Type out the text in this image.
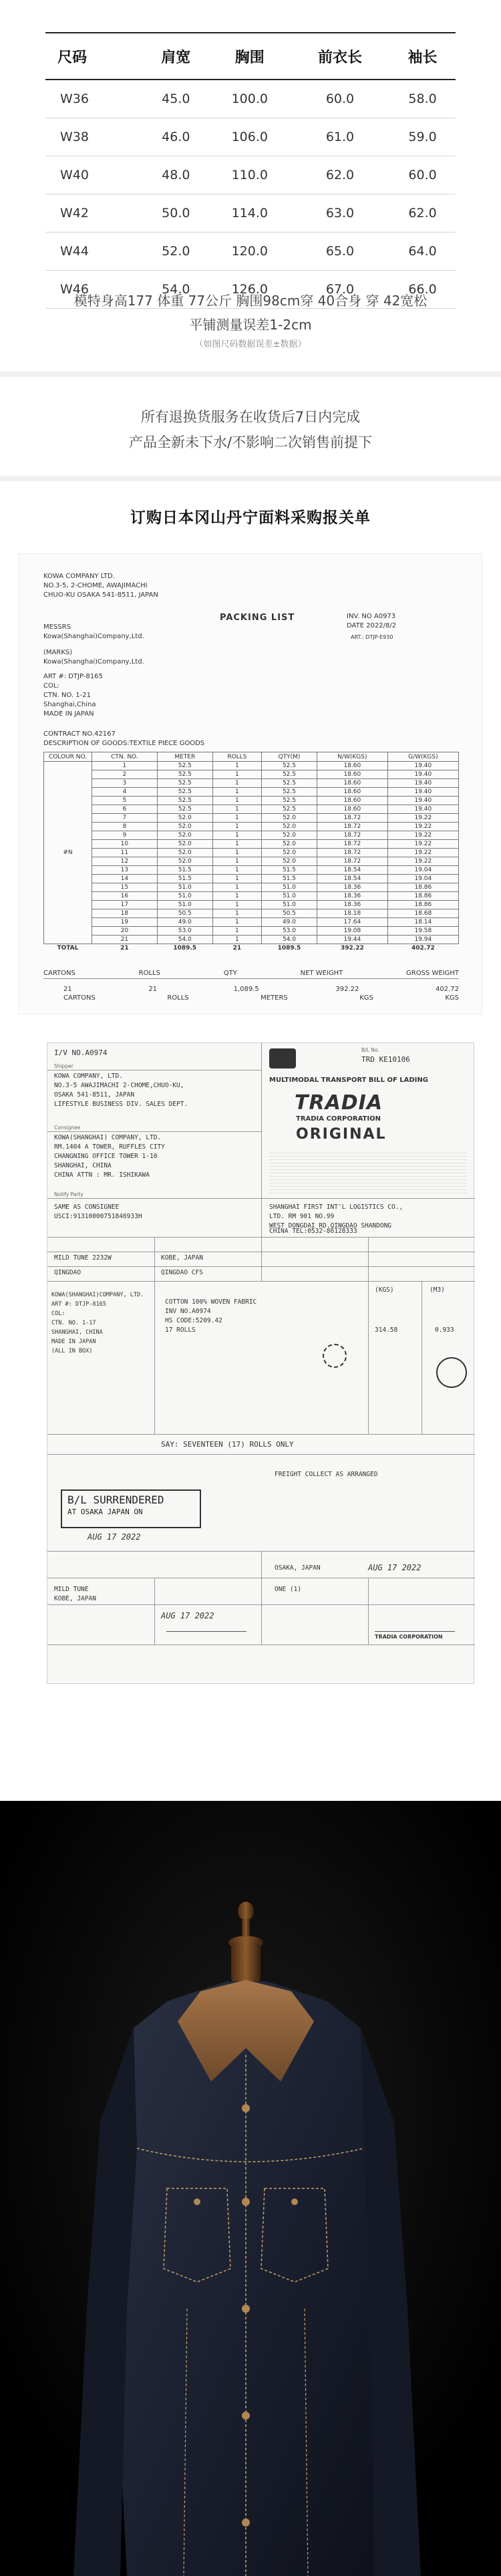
尺码	肩宽	胸围	前衣长	袖长
W36	45.0	100.0	60.0	58.0
W38	46.0	106.0	61.0	59.0
W40	48.0	110.0	62.0	60.0
W42	50.0	114.0	63.0	62.0
W44	52.0	120.0	65.0	64.0
W46	54.0	126.0	67.0	66.0

模特身高177 体重 77公斤 胸围98cm穿 40合身 穿 42宽松

平铺测量误差1-2cm

（如图尺码数据误差±数据）

所有退换货服务在收货后7日内完成

产品全新未下水/不影响二次销售前提下

订购日本冈山丹宁面料采购报关单
KOWA COMPANY LTD.
NO.3-5, 2-CHOME, AWAJIMACHI
CHUO-KU OSAKA 541-8511, JAPAN
PACKING LIST	INV. NO A0973
DATE 2022/8/2
ART.: DTJP-E930
MESSRS
Kowa(Shanghai)Company,Ltd.
(MARKS)
Kowa(Shanghai)Company,Ltd.
ART #: DTJP-8165
COL:
CTN. NO. 1-21
Shanghai,China
MADE IN JAPAN
CONTRACT NO.42167
DESCRIPTION OF GOODS:TEXTILE PIECE GOODS
COLOUR NO.	CTN. NO.	METER	ROLLS	QTY(M)	N/W(KGS)	G/W(KGS)
#N	1	52.5	1	52.5	18.60	19.40
	2	52.5	1	52.5	18.60	19.40
	3	52.5	1	52.5	18.60	19.40
	4	52.5	1	52.5	18.60	19.40
	5	52.5	1	52.5	18.60	19.40
	6	52.5	1	52.5	18.60	19.40
	7	52.0	1	52.0	18.72	19.22
	8	52.0	1	52.0	18.72	19.22
	9	52.0	1	52.0	18.72	19.22
	10	52.0	1	52.0	18.72	19.22
	11	52.0	1	52.0	18.72	19.22
	12	52.0	1	52.0	18.72	19.22
	13	51.5	1	51.5	18.54	19.04
	14	51.5	1	51.5	18.54	19.04
	15	51.0	1	51.0	18.36	18.86
	16	51.0	1	51.0	18.36	18.86
	17	51.0	1	51.0	18.36	18.86
	18	50.5	1	50.5	18.18	18.68
	19	49.0	1	49.0	17.64	18.14
	20	53.0	1	53.0	19.08	19.58
	21	54.0	1	54.0	19.44	19.94
TOTAL	21	1089.5	21	1089.5	392.22	402.72
CARTONS	ROLLS	QTY	NET WEIGHT	GROSS WEIGHT
21	21	1,089.5	392.22	402.72
CARTONS	ROLLS	METERS	KGS	KGS
I/V NO.A0974
Shipper
KOWA COMPANY, LTD.
NO.3-5 AWAJIMACHI 2-CHOME,CHUO-KU,
OSAKA 541-8511, JAPAN
LIFESTYLE BUSINESS DIV. SALES DEPT.
Consignee
KOWA(SHANGHAI) COMPANY, LTD.
RM.1404 A TOWER, RUFFLES CITY
CHANGNING OFFICE TOWER 1-10
SHANGHAI, CHINA
CHINA ATTN : MR. ISHIKAWA
Notify Party
SAME AS CONSIGNEE
USCI:91310000751846933H
B/L No.
TRD KE10106
MULTIMODAL TRANSPORT BILL OF LADING
TRADIA
TRADIA CORPORATION
ORIGINAL
SHANGHAI FIRST INT'L LOGISTICS CO.,
LTD. RM 901 NO.99
WEST DONGDAI RD.QINGDAO SHANDONG
CHINA TEL:0532-86128333
MILD TUNE 2232W	KOBE, JAPAN
QINGDAO	QINGDAO CFS
KOWA(SHANGHAI)COMPANY, LTD.
ART #: DTJP-8165
COL:
CTN. NO. 1-17
SHANGHAI, CHINA
MADE IN JAPAN
(ALL IN BOX)
COTTON 100% WOVEN FABRIC
INV NO.A0974
HS CODE:5209.42
17 ROLLS
(KGS)
314.58
(M3)
0.933
SAY: SEVENTEEN (17) ROLLS ONLY
FREIGHT COLLECT AS ARRANGED
B/L SURRENDERED
AT OSAKA JAPAN ON
AUG 17 2022
OSAKA, JAPAN	AUG 17 2022
ONE (1)
MILD TUNE
KOBE, JAPAN
AUG 17 2022
TRADIA CORPORATION
